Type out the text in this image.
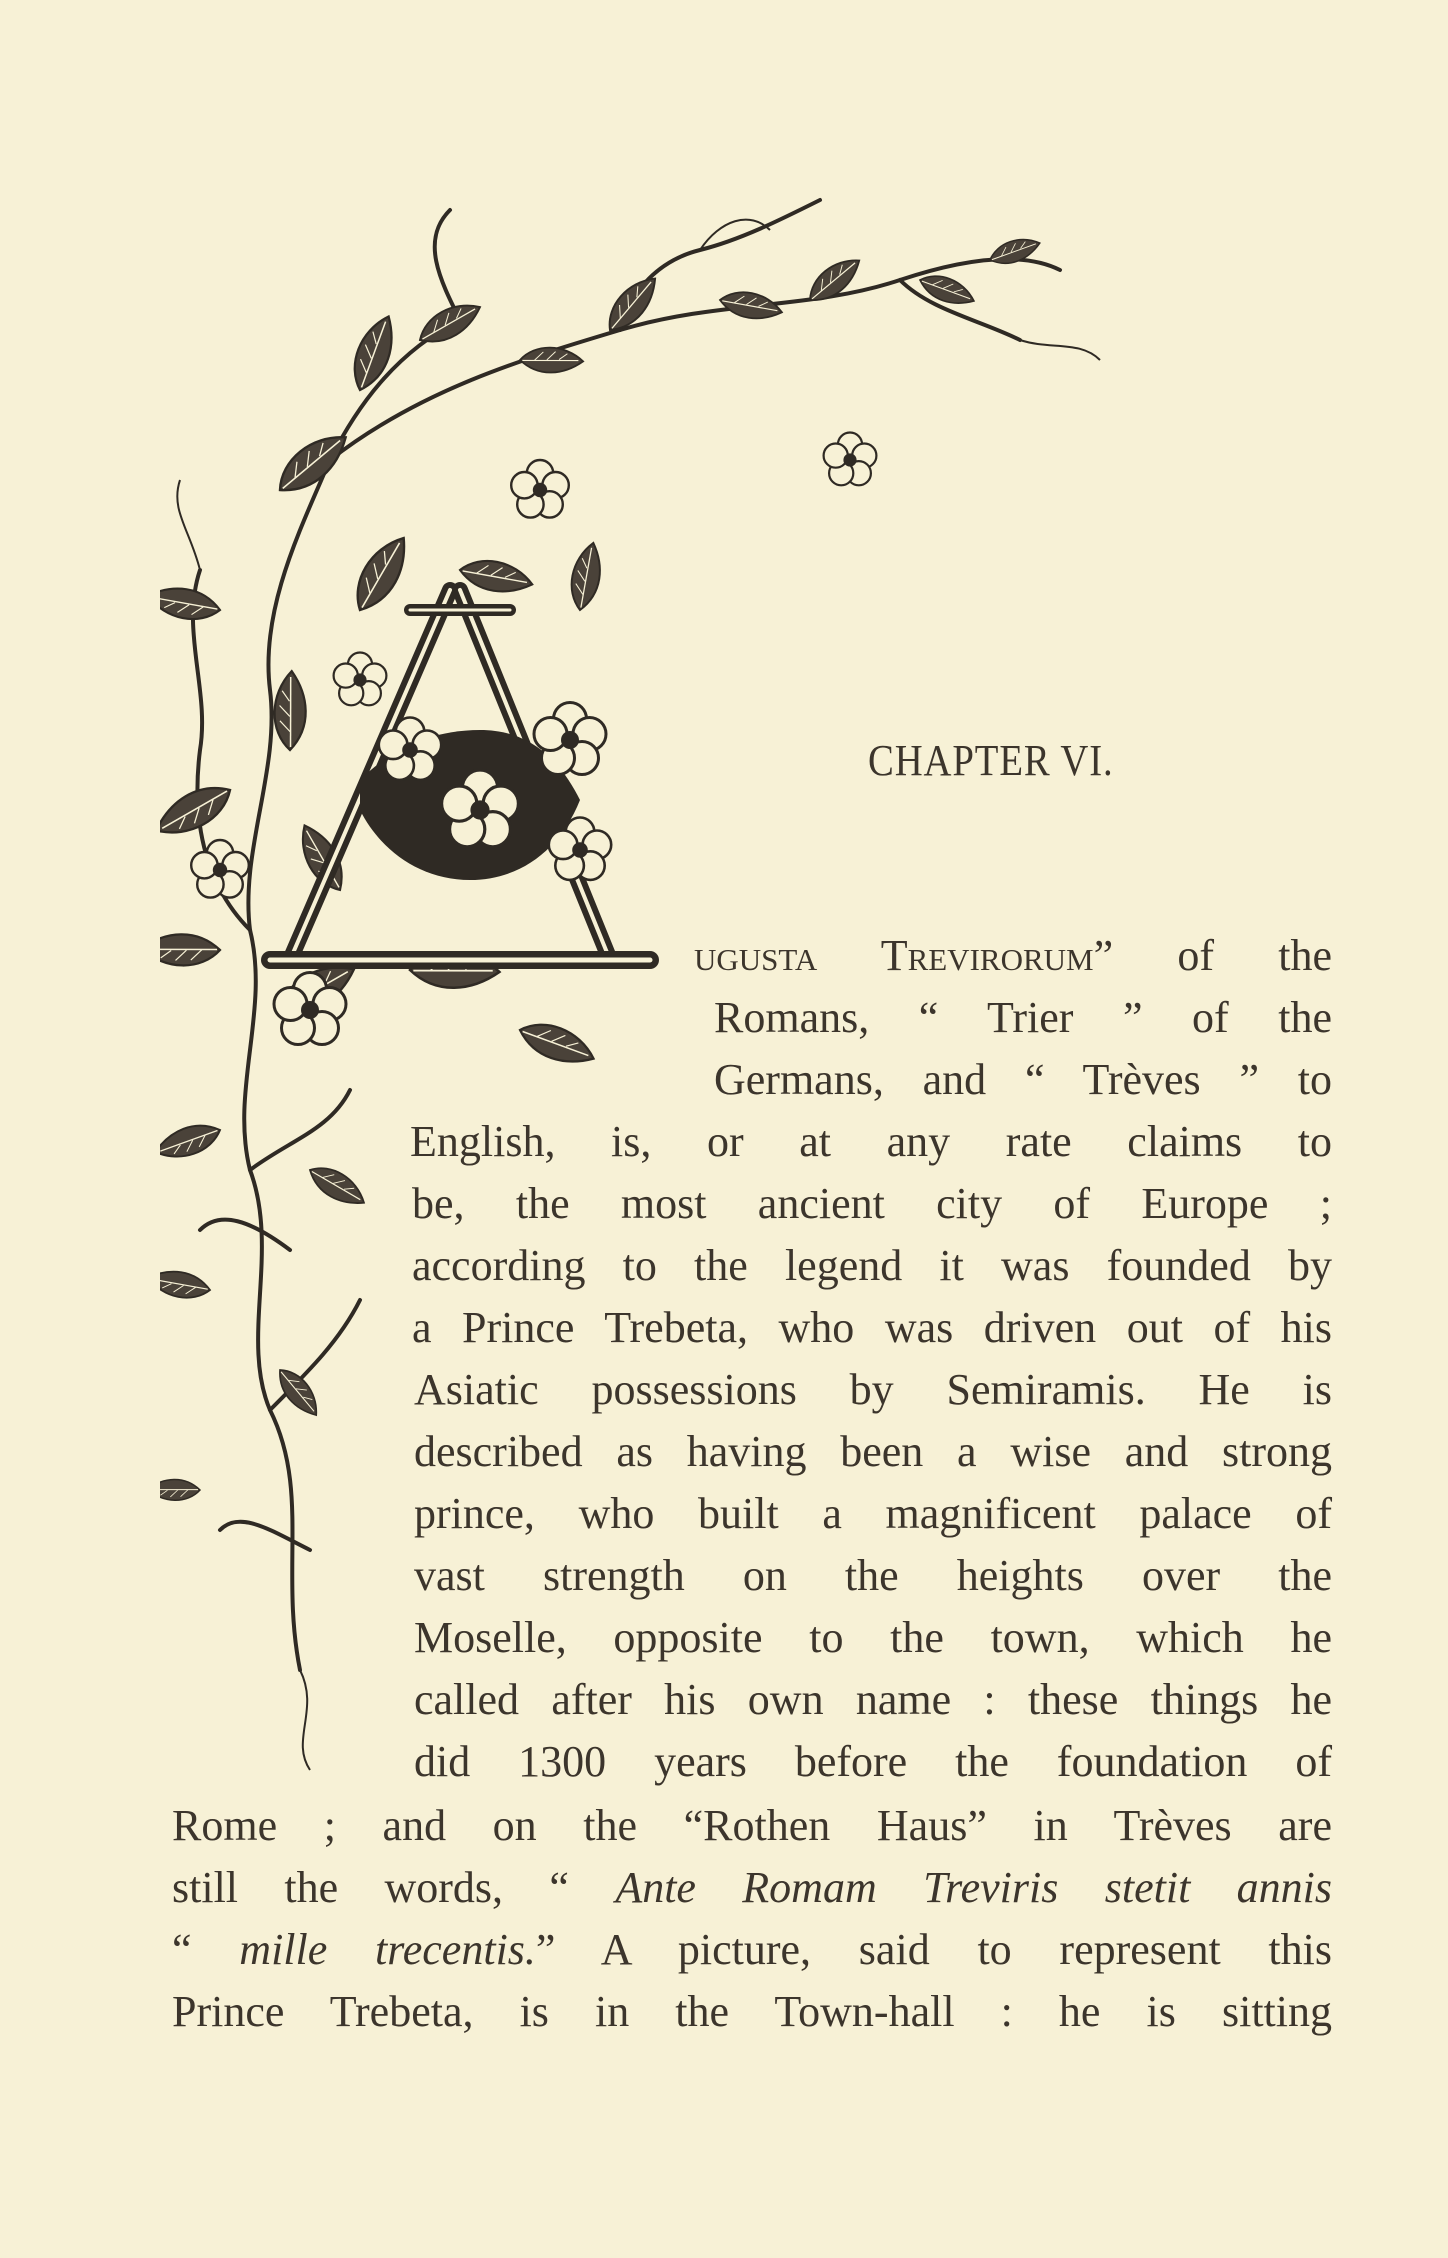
CHAPTER VI.
ugusta Trevirorum” of the
Romans, “ Trier ” of the
Germans, and “ Trèves ” to
English, is, or at any rate claims to
be, the most ancient city of Europe ;
according to the legend it was founded by
a Prince Trebeta, who was driven out of his
Asiatic possessions by Semiramis. He is
described as having been a wise and strong
prince, who built a magnificent palace of
vast strength on the heights over the
Moselle, opposite to the town, which he
called after his own name : these things he
did 1300 years before the foundation of
Rome ; and on the “Rothen Haus” in Trèves are
still the words, “ Ante Romam Treviris stetit annis
“ mille trecentis.” A picture, said to represent this
Prince Trebeta, is in the Town-hall : he is sitting
